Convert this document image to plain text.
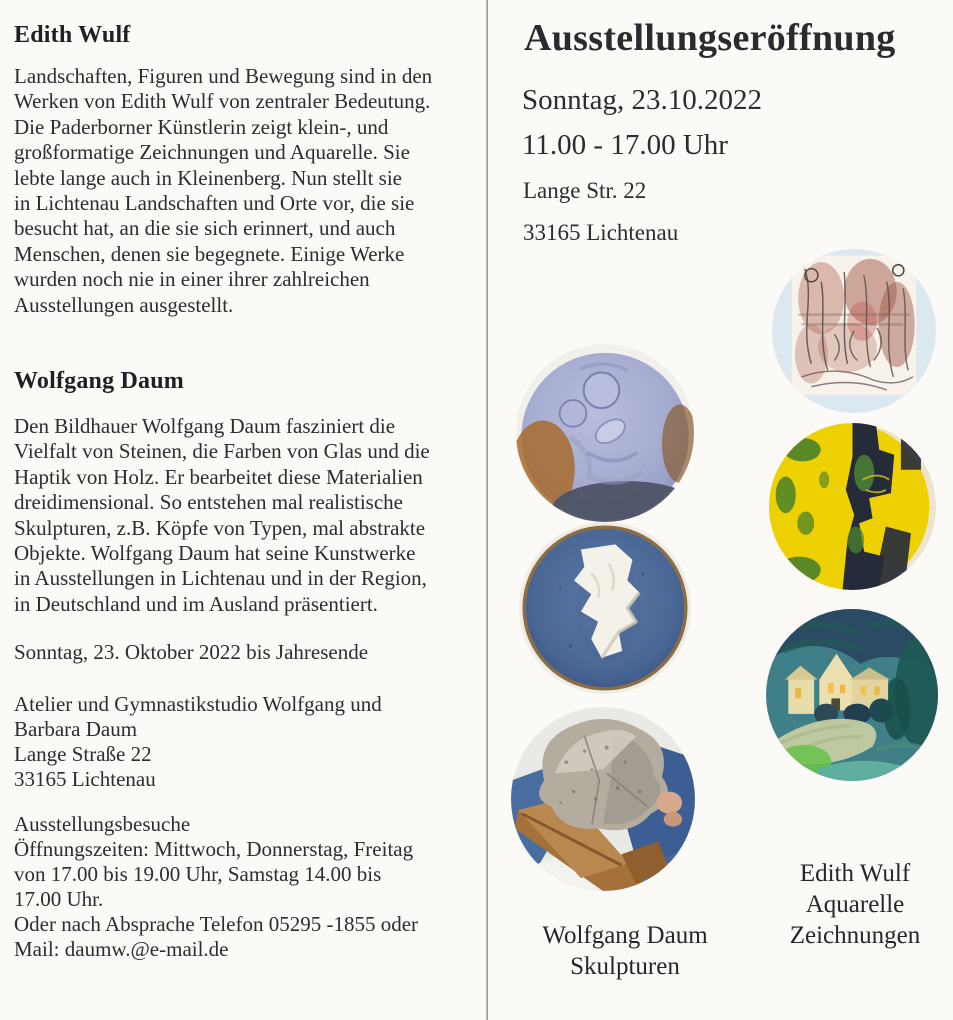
Edith Wulf
Landschaften, Figuren und Bewegung sind in den
Werken von Edith Wulf von zentraler Bedeutung.
Die Paderborner Künstlerin zeigt klein-, und
großformatige Zeichnungen und Aquarelle. Sie
lebte lange auch in Kleinenberg. Nun stellt sie
in Lichtenau Landschaften und Orte vor, die sie
besucht hat, an die sie sich erinnert, und auch
Menschen, denen sie begegnete. Einige Werke
wurden noch nie in einer ihrer zahlreichen
Ausstellungen ausgestellt.
Wolfgang Daum
Den Bildhauer Wolfgang Daum fasziniert die
Vielfalt von Steinen, die Farben von Glas und die
Haptik von Holz. Er bearbeitet diese Materialien
dreidimensional. So entstehen mal realistische
Skulpturen, z.B. Köpfe von Typen, mal abstrakte
Objekte. Wolfgang Daum hat seine Kunstwerke
in Ausstellungen in Lichtenau und in der Region,
in Deutschland und im Ausland präsentiert.
Sonntag, 23. Oktober 2022 bis Jahresende
Atelier und Gymnastikstudio Wolfgang und
Barbara Daum
Lange Straße 22
33165 Lichtenau
Ausstellungsbesuche
Öffnungszeiten: Mittwoch, Donnerstag, Freitag
von 17.00 bis 19.00 Uhr, Samstag 14.00 bis
17.00 Uhr.
Oder nach Absprache Telefon 05295 -1855 oder
Mail: daumw.@e-mail.de
Ausstellungseröffnung
Sonntag, 23.10.2022
11.00 - 17.00 Uhr
Lange Str. 22
33165 Lichtenau
Wolfgang Daum
Skulpturen
Edith Wulf
Aquarelle
Zeichnungen
